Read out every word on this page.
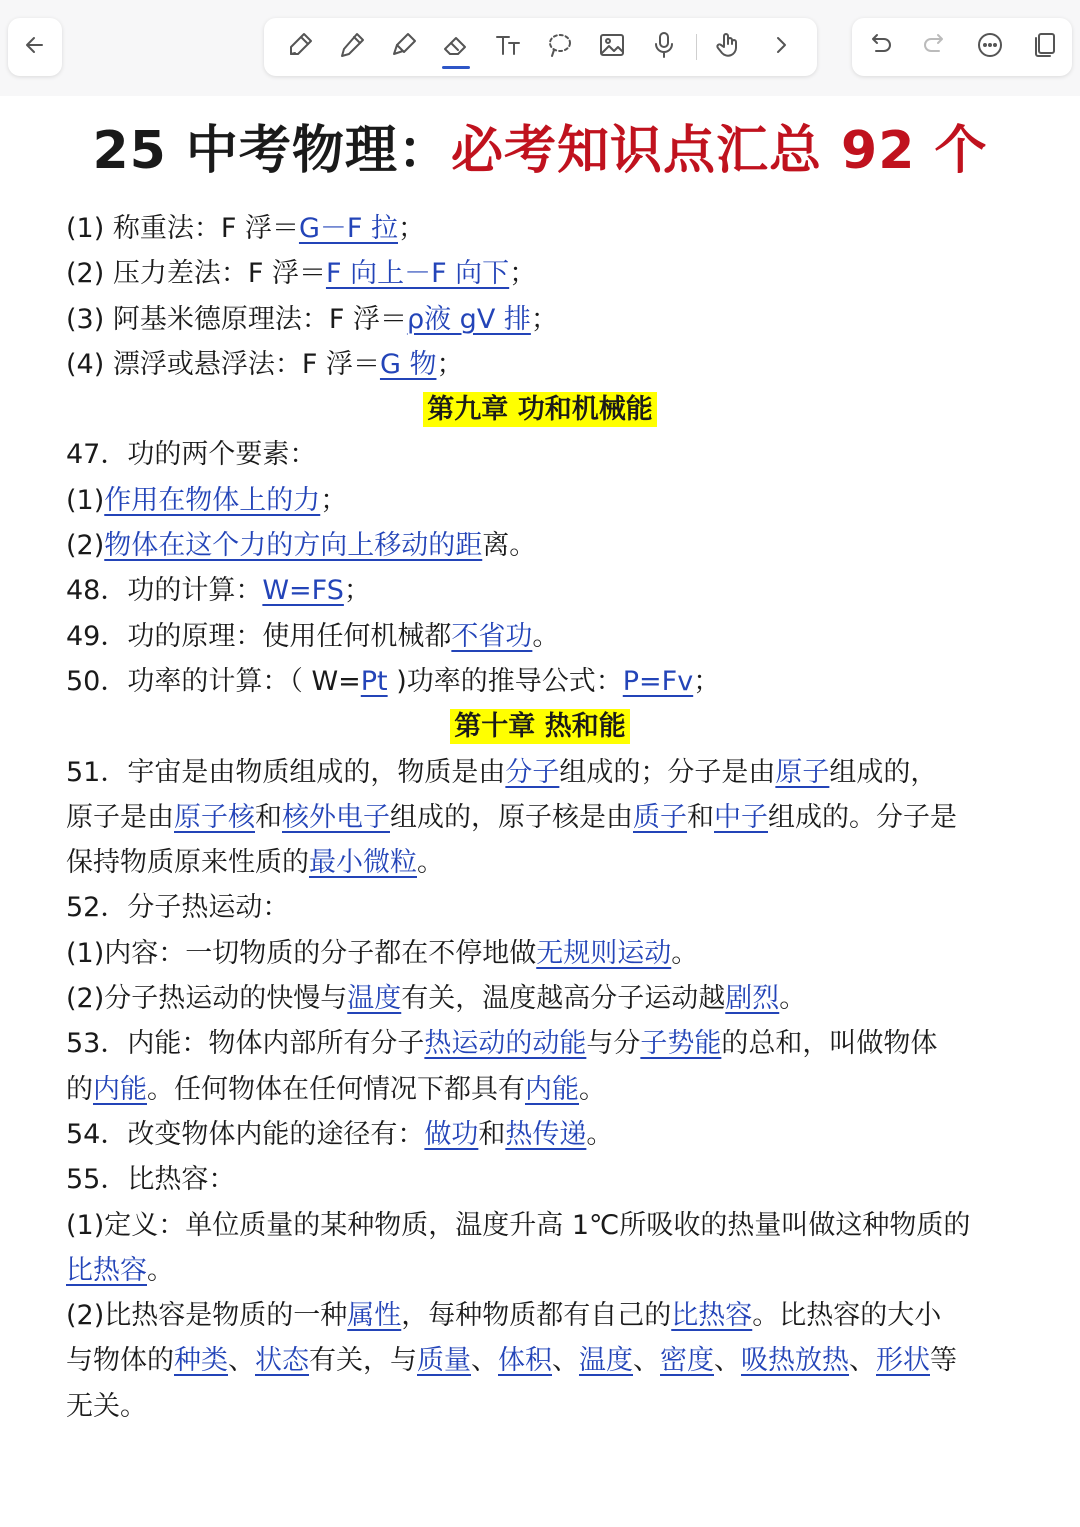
25 中考物理：必考知识点汇总 92 个
(1) 称重法：F 浮＝G－F 拉；
(2) 压力差法：F 浮＝F 向上－F 向下；
(3) 阿基米德原理法：F 浮＝ρ液 gV 排；
(4) 漂浮或悬浮法：F 浮＝G 物；
第九章 功和机械能
47．功的两个要素：
(1)作用在物体上的力；
(2)物体在这个力的方向上移动的距离。
48．功的计算：W=FS；
49．功的原理：使用任何机械都不省功。
50．功率的计算：（ W=Pt )功率的推导公式：P=Fv；
第十章 热和能
51．宇宙是由物质组成的，物质是由分子组成的；分子是由原子组成的，
原子是由原子核和核外电子组成的，原子核是由质子和中子组成的。分子是
保持物质原来性质的最小微粒。
52．分子热运动：
(1)内容：一切物质的分子都在不停地做无规则运动。
(2)分子热运动的快慢与温度有关，温度越高分子运动越剧烈。
53．内能：物体内部所有分子热运动的动能与分子势能的总和，叫做物体
的内能。任何物体在任何情况下都具有内能。
54．改变物体内能的途径有：做功和热传递。
55．比热容：
(1)定义：单位质量的某种物质，温度升高 1℃所吸收的热量叫做这种物质的
比热容。
(2)比热容是物质的一种属性，每种物质都有自己的比热容。比热容的大小
与物体的种类、状态有关，与质量、体积、温度、密度、吸热放热、形状等
无关。
